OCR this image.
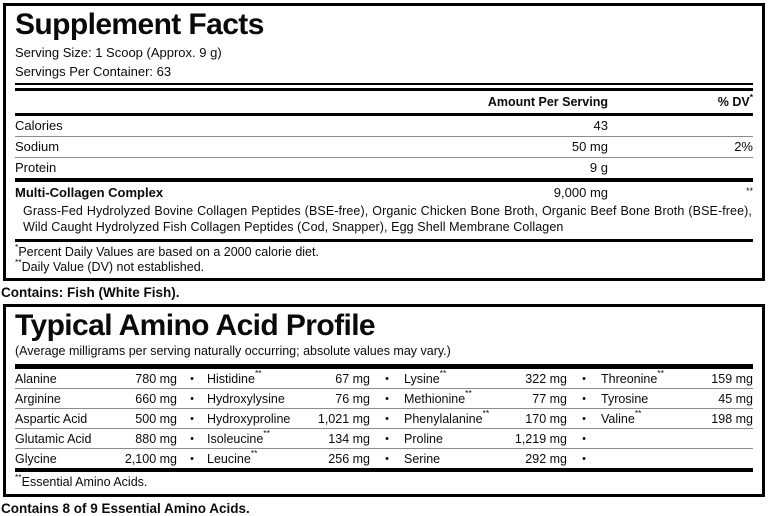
Supplement Facts
Serving Size: 1 Scoop (Approx. 9 g)
Servings Per Container: 63
Amount Per Serving	% DV*
Calories	43
Sodium	50 mg	2%
Protein	9 g
Multi-Collagen Complex	9,000 mg	**
Grass-Fed Hydrolyzed Bovine Collagen Peptides (BSE-free), Organic Chicken Bone Broth, Organic Beef Bone Broth (BSE-free), Wild Caught Hydrolyzed Fish Collagen Peptides (Cod, Snapper), Egg Shell Membrane Collagen
*Percent Daily Values are based on a 2000 calorie diet.
**Daily Value (DV) not established.
Contains: Fish (White Fish).
Typical Amino Acid Profile
(Average milligrams per serving naturally occurring; absolute values may vary.)
Alanine	780 mg	•	Histidine**	67 mg	•	Lysine**	322 mg	•	Threonine**	159 mg
Arginine	660 mg	•	Hydroxylysine	76 mg	•	Methionine**	77 mg	•	Tyrosine	45 mg
Aspartic Acid	500 mg	•	Hydroxyproline 1,021 mg	•	Phenylalanine**	170 mg	•	Valine**	198 mg
Glutamic Acid	880 mg	•	Isoleucine**	134 mg	•	Proline	1,219 mg	•
Glycine	2,100 mg	•	Leucine**	256 mg	•	Serine	292 mg	•
**Essential Amino Acids.
Contains 8 of 9 Essential Amino Acids.
